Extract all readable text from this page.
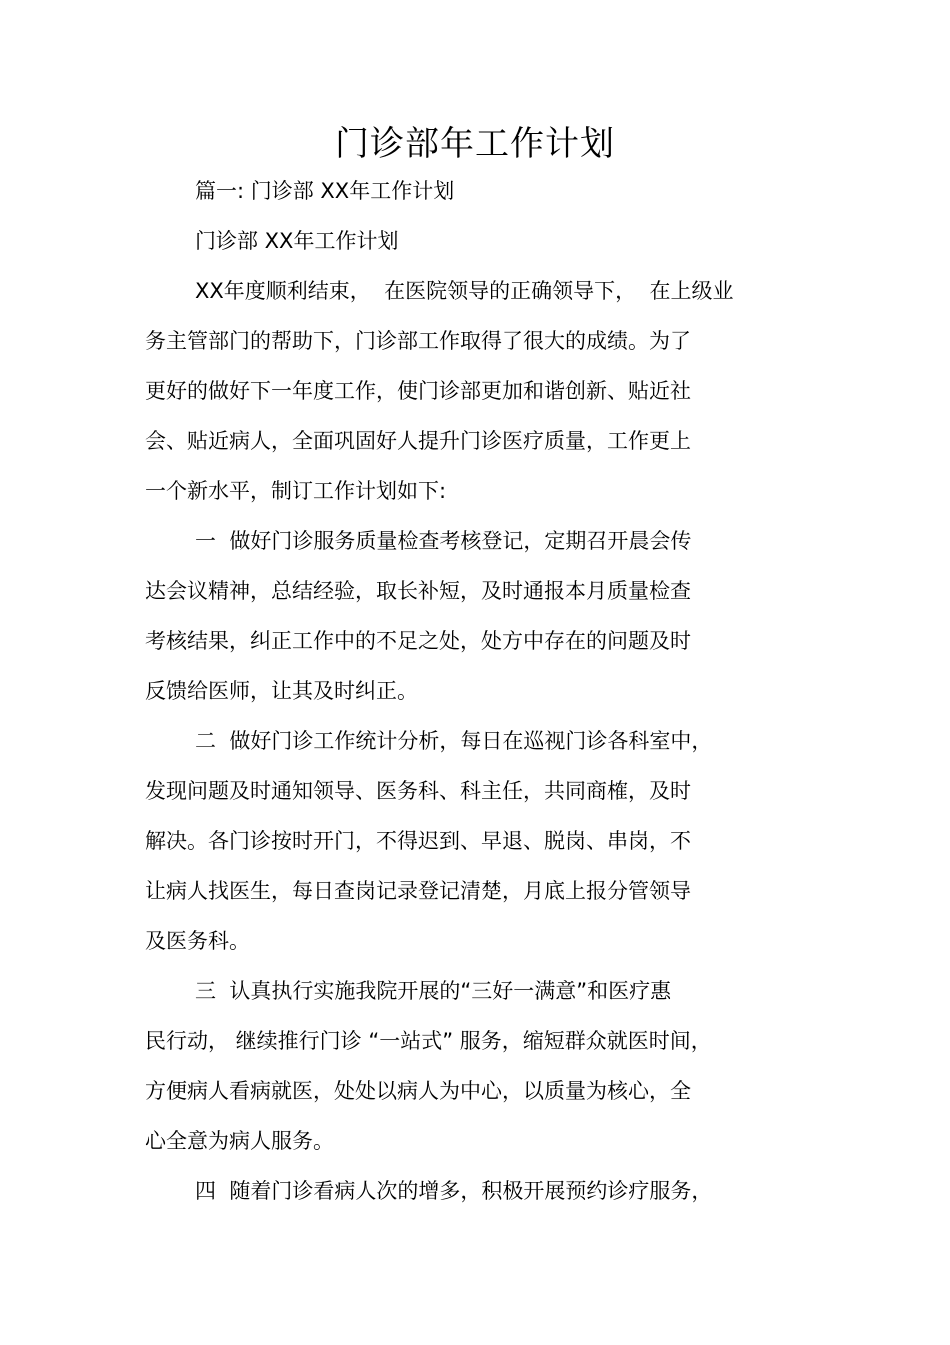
门诊部年工作计划
篇一: 门诊部 XX年工作计划
门诊部 XX年工作计划
XX年度顺利结束，  在医院领导的正确领导下，  在上级业
务主管部门的帮助下，门诊部工作取得了很大的成绩。为了
更好的做好下一年度工作，使门诊部更加和谐创新、贴近社
会、贴近病人，全面巩固好人提升门诊医疗质量，工作更上
一个新水平，制订工作计划如下:
一  做好门诊服务质量检查考核登记，定期召开晨会传
达会议精神，总结经验，取长补短，及时通报本月质量检查
考核结果，纠正工作中的不足之处，处方中存在的问题及时
反馈给医师，让其及时纠正。
二  做好门诊工作统计分析，每日在巡视门诊各科室中，
发现问题及时通知领导、医务科、科主任，共同商榷，及时
解决。各门诊按时开门，不得迟到、早退、脱岗、串岗，不
让病人找医生，每日查岗记录登记清楚，月底上报分管领导
及医务科。
三  认真执行实施我院开展的“三好一满意”和医疗惠
民行动， 继续推行门诊 “一站式” 服务，缩短群众就医时间，
方便病人看病就医，处处以病人为中心，以质量为核心，全
心全意为病人服务。
四  随着门诊看病人次的增多，积极开展预约诊疗服务，
